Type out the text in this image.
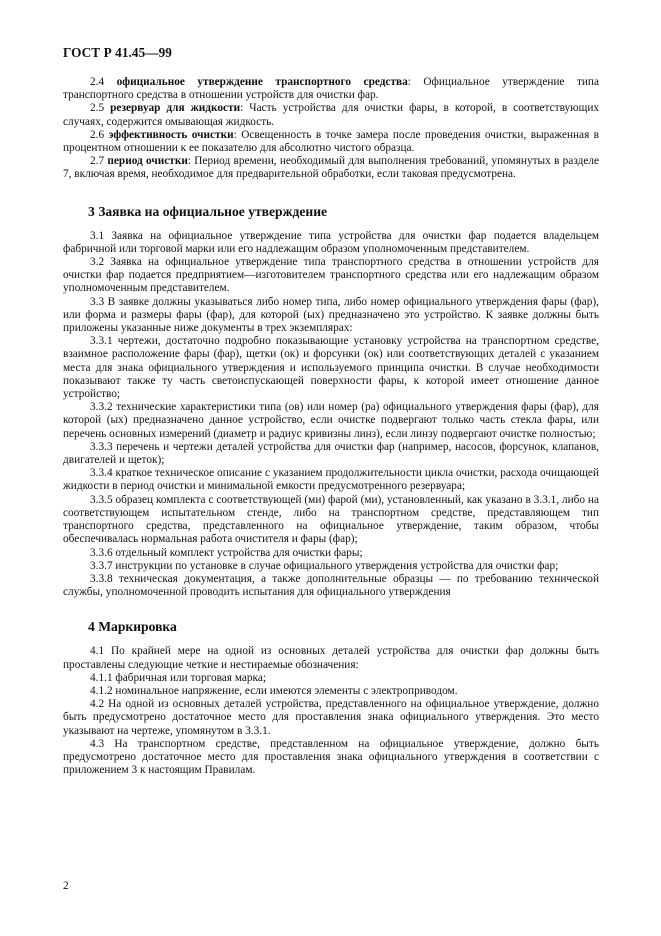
ГОСТ Р 41.45—99

2.4 официальное утверждение транспортного средства: Официальное утверждение типа транспортного средства в отношении устройств для очистки фар.

2.5 резервуар для жидкости: Часть устройства для очистки фары, в которой, в соответствующих случаях, содержится омывающая жидкость.

2.6 эффективность очистки: Освещенность в точке замера после проведения очистки, выраженная в процентном отношении к ее показателю для абсолютно чистого образца.

2.7 период очистки: Период времени, необходимый для выполнения требований, упомянутых в разделе 7, включая время, необходимое для предварительной обработки, если таковая предусмотрена.

3 Заявка на официальное утверждение

3.1 Заявка на официальное утверждение типа устройства для очистки фар подается владельцем фабричной или торговой марки или его надлежащим образом уполномоченным представителем.

3.2 Заявка на официальное утверждение типа транспортного средства в отношении устройств для очистки фар подается предприятием—изготовителем транспортного средства или его надлежащим образом уполномоченным представителем.

3.3 В заявке должны указываться либо номер типа, либо номер официального утверждения фары (фар), или форма и размеры фары (фар), для которой (ых) предназначено это устройство. К заявке должны быть приложены указанные ниже документы в трех экземплярах:

3.3.1 чертежи, достаточно подробно показывающие установку устройства на транспортном средстве, взаимное расположение фары (фар), щетки (ок) и форсунки (ок) или соответствующих деталей с указанием места для знака официального утверждения и используемого принципа очистки. В случае необходимости показывают также ту часть светоиспускающей поверхности фары, к которой имеет отношение данное устройство;

3.3.2 технические характеристики типа (ов) или номер (ра) официального утверждения фары (фар), для которой (ых) предназначено данное устройство, если очистке подвергают только часть стекла фары, или перечень основных измерений (диаметр и радиус кривизны линз), если линзу подвергают очистке полностью;

3.3.3 перечень и чертежи деталей устройства для очистки фар (например, насосов, форсунок, клапанов, двигателей и щеток);

3.3.4 краткое техническое описание с указанием продолжительности цикла очистки, расхода очищающей жидкости в период очистки и минимальной емкости предусмотренного резервуара;

3.3.5 образец комплекта с соответствующей (ми) фарой (ми), установленный, как указано в 3.3.1, либо на соответствующем испытательном стенде, либо на транспортном средстве, представляющем тип транспортного средства, представленного на официальное утверждение, таким образом, чтобы обеспечивалась нормальная работа очистителя и фары (фар);

3.3.6 отдельный комплект устройства для очистки фары;

3.3.7 инструкции по установке в случае официального утверждения устройства для очистки фар;

3.3.8 техническая документация, а также дополнительные образцы — по требованию технической службы, уполномоченной проводить испытания для официального утверждения

4 Маркировка

4.1 По крайней мере на одной из основных деталей устройства для очистки фар должны быть проставлены следующие четкие и нестираемые обозначения:

4.1.1 фабричная или торговая марка;

4.1.2 номинальное напряжение, если имеются элементы с электроприводом.

4.2 На одной из основных деталей устройства, представленного на официальное утверждение, должно быть предусмотрено достаточное место для проставления знака официального утверждения. Это место указывают на чертеже, упомянутом в 3.3.1.

4.3 На транспортном средстве, представленном на официальное утверждение, должно быть предусмотрено достаточное место для проставления знака официального утверждения в соответствии с приложением 3 к настоящим Правилам.

2
